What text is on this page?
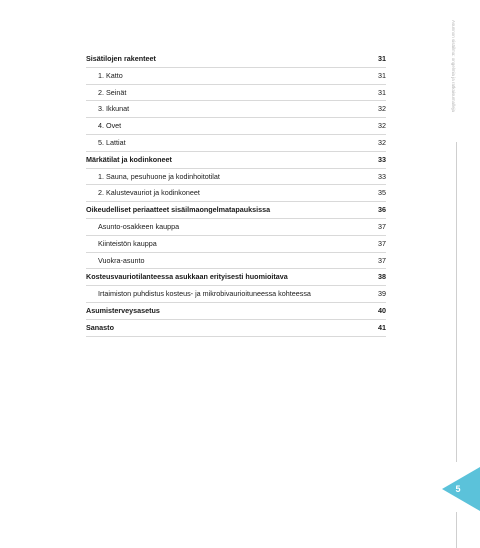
Asunnon sisäilma: ongelmia ja ratkaisumalleja
Sisätilojen rakenteet	31
1. Katto	31
2. Seinät	31
3. Ikkunat	32
4. Ovet	32
5. Lattiat	32
Märkätilat ja kodinkoneet	33
1. Sauna, pesuhuone ja kodinhoitotilat	33
2. Kalustevauriot ja kodinkoneet	35
Oikeudelliset periaatteet sisäilmaongelmatapauksissa	36
Asunto-osakkeen kauppa	37
Kiinteistön kauppa	37
Vuokra-asunto	37
Kosteusvauriotilanteessa asukkaan erityisesti huomioitava	38
Irtaimiston puhdistus kosteus- ja mikrobivaurioituneessa kohteessa	39
Asumisterveysasetus	40
Sanasto	41
5
